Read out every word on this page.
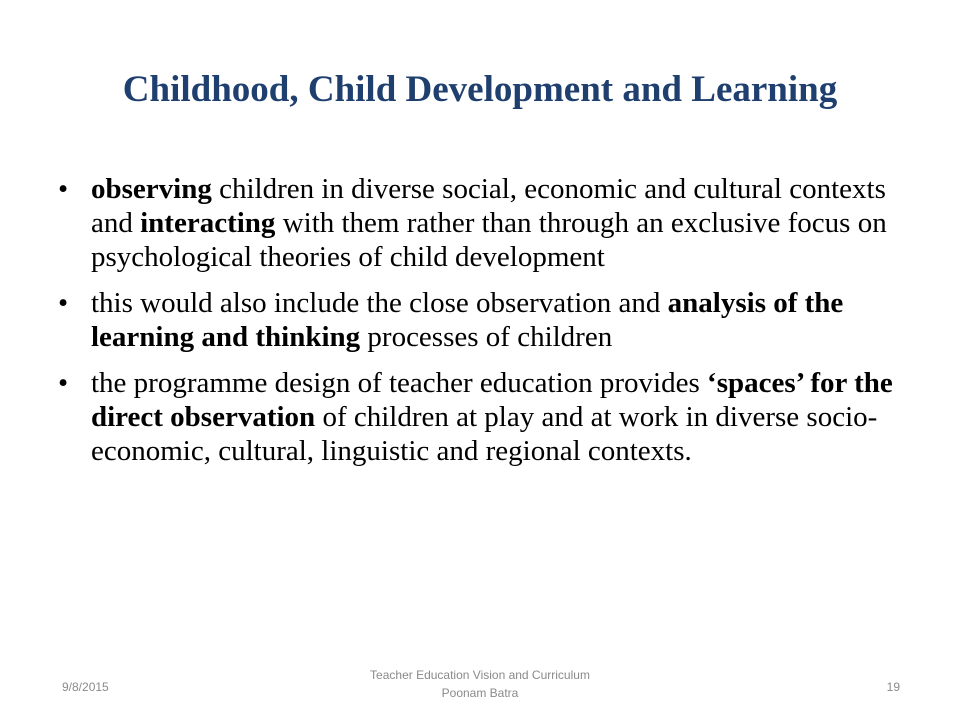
Childhood, Child Development and Learning
• observing children in diverse social, economic and cultural contexts and interacting with them rather than through an exclusive focus on psychological theories of child development
• this would also include the close observation and analysis of the learning and thinking processes of children
• the programme design of teacher education provides ‘spaces’ for the direct observation of children at play and at work in diverse socio-economic, cultural, linguistic and regional contexts.
9/8/2015
Teacher Education Vision and Curriculum
Poonam Batra	19
